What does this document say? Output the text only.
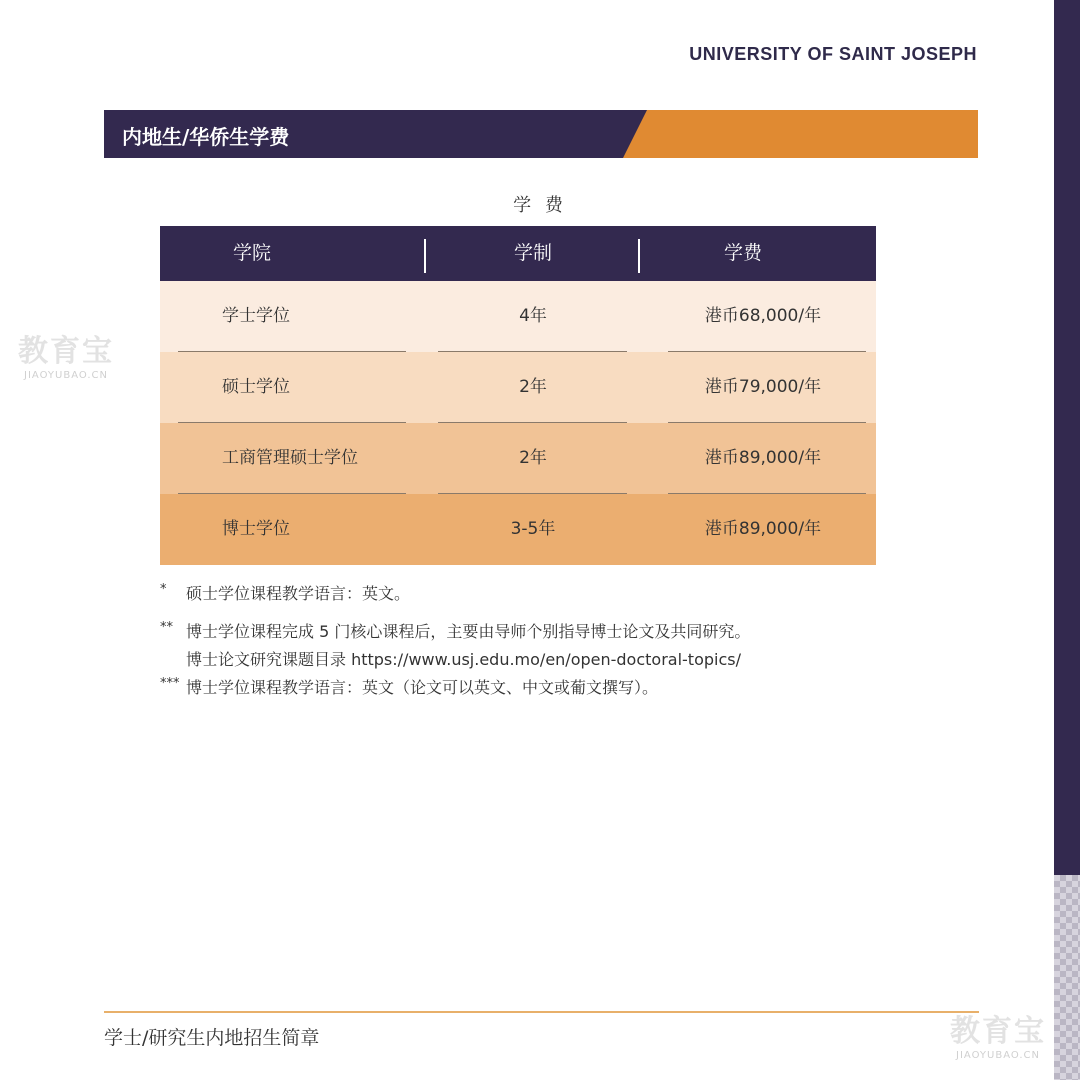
UNIVERSITY OF SAINT JOSEPH
内地生/华侨生学费
学 费
学院	学制	学费
学士学位	4年	港币68,000/年
硕士学位	2年	港币79,000/年
工商管理硕士学位	2年	港币89,000/年
博士学位	3-5年	港币89,000/年
* 硕士学位课程教学语言：英文。
** 博士学位课程完成 5 门核心课程后，主要由导师个别指导博士论文及共同研究。
博士论文研究课题目录 https://www.usj.edu.mo/en/open-doctoral-topics/
*** 博士学位课程教学语言：英文（论文可以英文、中文或葡文撰写）。
教育宝
JIAOYUBAO.CN
教育宝
JIAOYUBAO.CN
学士/研究生内地招生简章
